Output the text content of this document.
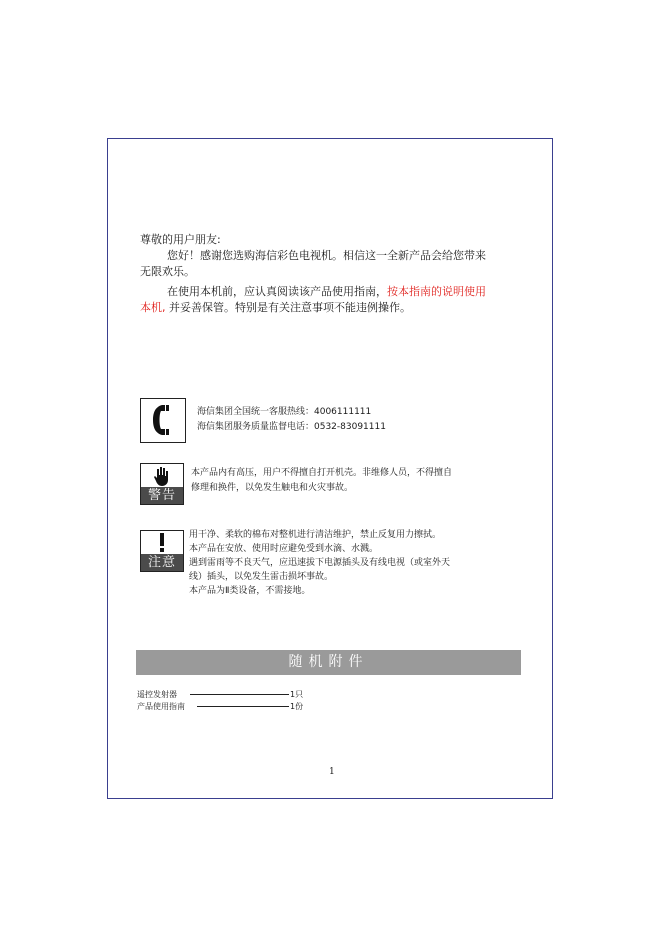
尊敬的用户朋友:
您好！感谢您选购海信彩色电视机。相信这一全新产品会给您带来
无限欢乐。
在使用本机前，应认真阅读该产品使用指南，按本指南的说明使用
本机, 并妥善保管。特别是有关注意事项不能违例操作。
海信集团全国统一客服热线：4006111111
海信集团服务质量监督电话：0532-83091111
警告
本产品内有高压，用户不得擅自打开机壳。非维修人员，不得擅自
修理和换件，以免发生触电和火灾事故。
注意
用干净、柔软的棉布对整机进行清洁维护，禁止反复用力擦拭。
本产品在安放、使用时应避免受到水滴、水溅。
遇到雷雨等不良天气，应迅速拔下电源插头及有线电视（或室外天
线）插头，以免发生雷击损坏事故。
本产品为Ⅱ类设备，不需接地。
随机附件
遥控发射器	1只
产品使用指南	1份
1
